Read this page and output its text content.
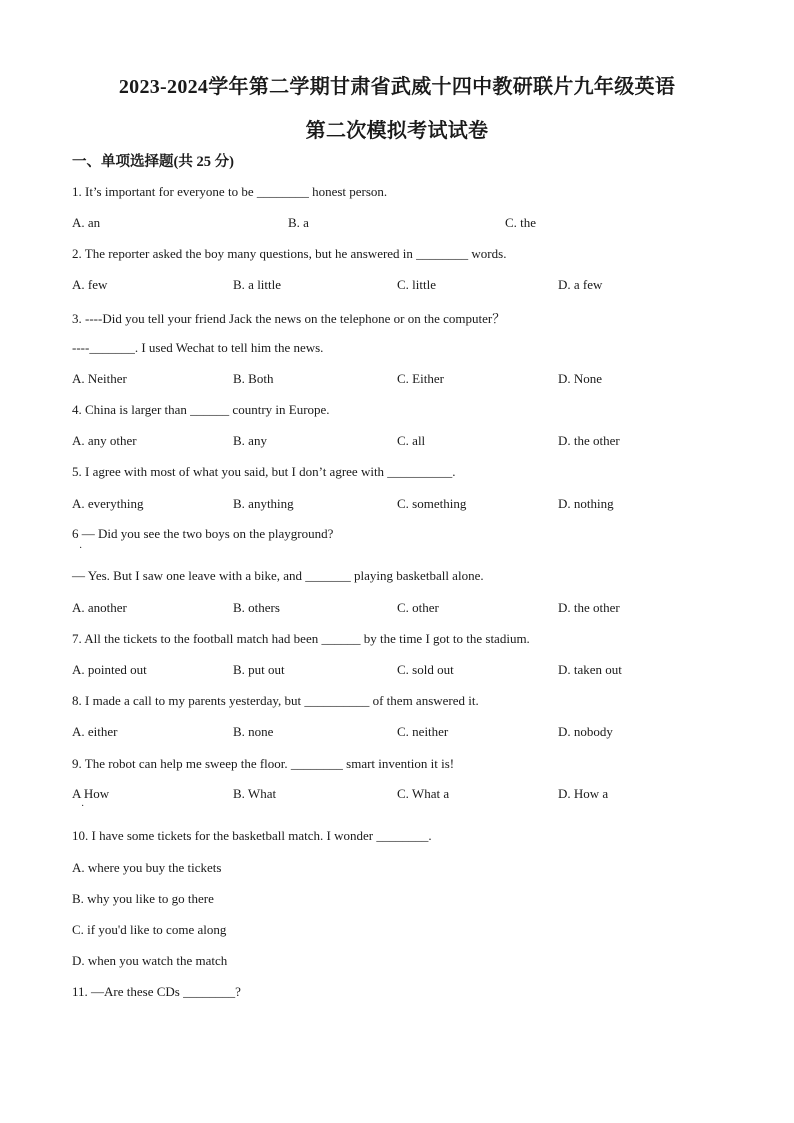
2023-2024学年第二学期甘肃省武威十四中教研联片九年级英语
第二次模拟考试试卷
一、单项选择题(共 25 分)
1. It’s important for everyone to be ________ honest person.
A. an	B. a	C. the
2. The reporter asked the boy many questions, but he answered in ________ words.
A. few	B. a little	C. little	D. a few
3. ----Did you tell your friend Jack the news on the telephone or on the computer？
----_______. I used Wechat to tell him the news.
A. Neither	B. Both	C. Either	D. None
4. China is larger than ______ country in Europe.
A. any other	B. any	C. all	D. the other
5. I agree with most of what you said, but I don’t agree with __________.
A. everything	B. anything	C. something	D. nothing
6 — Did you see the two boys on the playground?
·
— Yes. But I saw one leave with a bike, and _______ playing basketball alone.
A. another	B. others	C. other	D. the other
7. All the tickets to the football match had been ______ by the time I got to the stadium.
A. pointed out	B. put out	C. sold out	D. taken out
8. I made a call to my parents yesterday, but __________ of them answered it.
A. either	B. none	C. neither	D. nobody
9. The robot can help me sweep the floor. ________ smart invention it is!
A How
·
B. What	C. What a	D. How a
10. I have some tickets for the basketball match. I wonder ________.
A. where you buy the tickets
B. why you like to go there
C. if you'd like to come along
D. when you watch the match
11. —Are these CDs ________?
